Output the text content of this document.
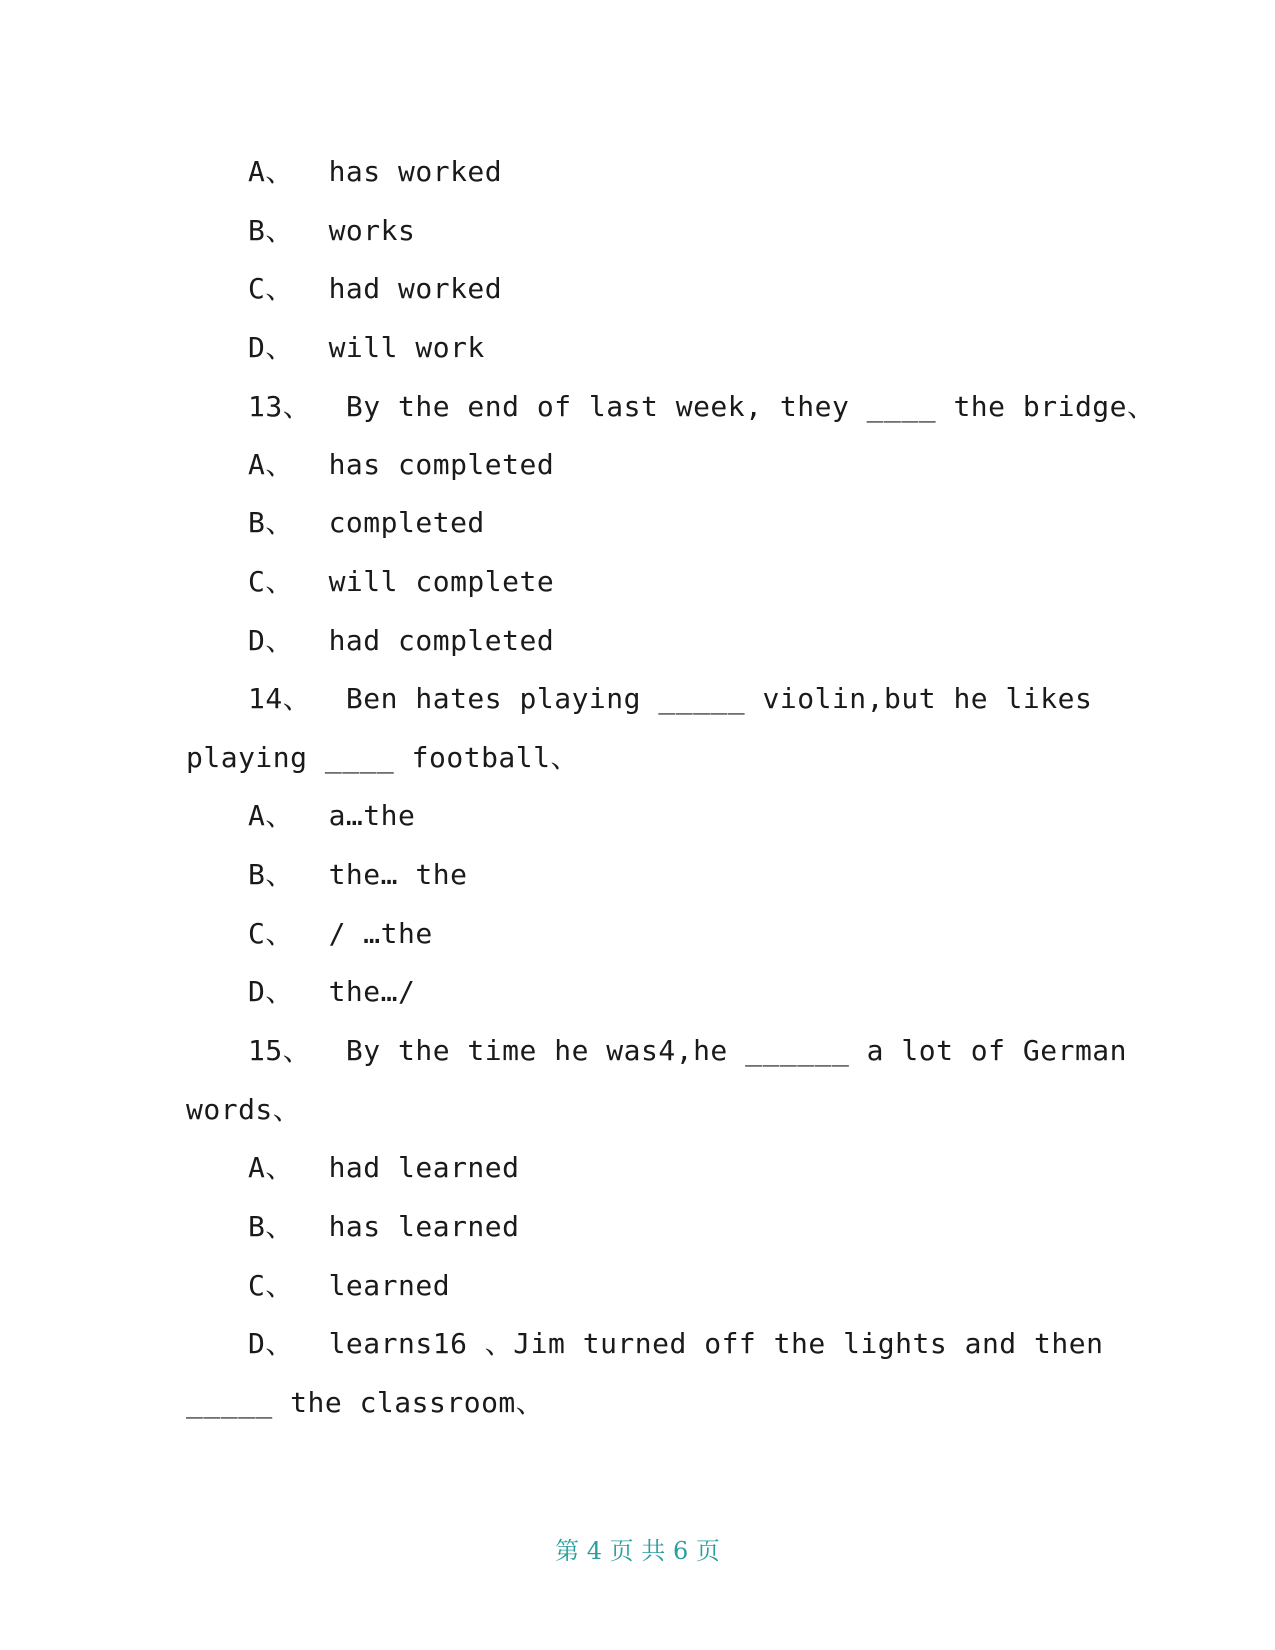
A、  has worked
B、  works
C、  had worked
D、  will work
13、  By the end of last week, they ____ the bridge、
A、  has completed
B、  completed
C、  will complete
D、  had completed
14、  Ben hates playing _____ violin,but he likes
playing ____ football、
A、  a…the
B、  the… the
C、  / …the
D、  the…/
15、  By the time he was4,he ______ a lot of German
words、
A、  had learned
B、  has learned
C、  learned
D、  learns16 、Jim turned off the lights and then
_____ the classroom、
第 4 页 共 6 页
